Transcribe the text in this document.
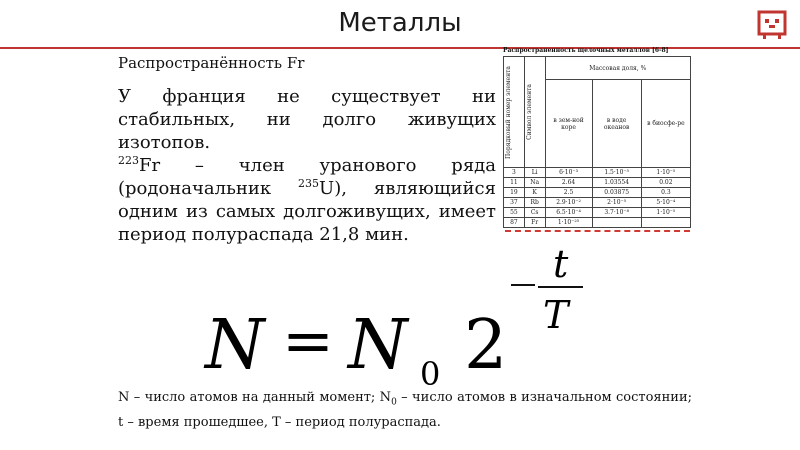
Металлы
Распространённость Fr

У франция не существует ни стабильных, ни долго живущих изотопов.

$^{223}$Fr – член уранового ряда (родоначальник $^{235}$U), являющийся одним из самых долгоживущих, имеет период полураспада 21,8 мин.

Распространенность щелочных металлов [6-8]
Порядковый номер элемента	Символ элемента	Массовая доля, %		
		в зем-ной коре	в воде океанов	в биосфе-ре
3	Li	6·10⁻³	1.5·10⁻⁵	1·10⁻⁵
11	Na	2.64	1.03554	0.02
19	K	2.5	0.03875	0.3
37	Rb	2.9·10⁻²	2·10⁻⁵	5·10⁻⁴
55	Cs	6.5·10⁻⁴	3.7·10⁻⁸	1·10⁻⁵
87	Fr	1·10⁻²⁵		
N = N 0 2
t
T
N – число атомов на данный момент; $N_0$ – число атомов в изначальном состоянии; t – время прошедшее, T – период полураспада.
